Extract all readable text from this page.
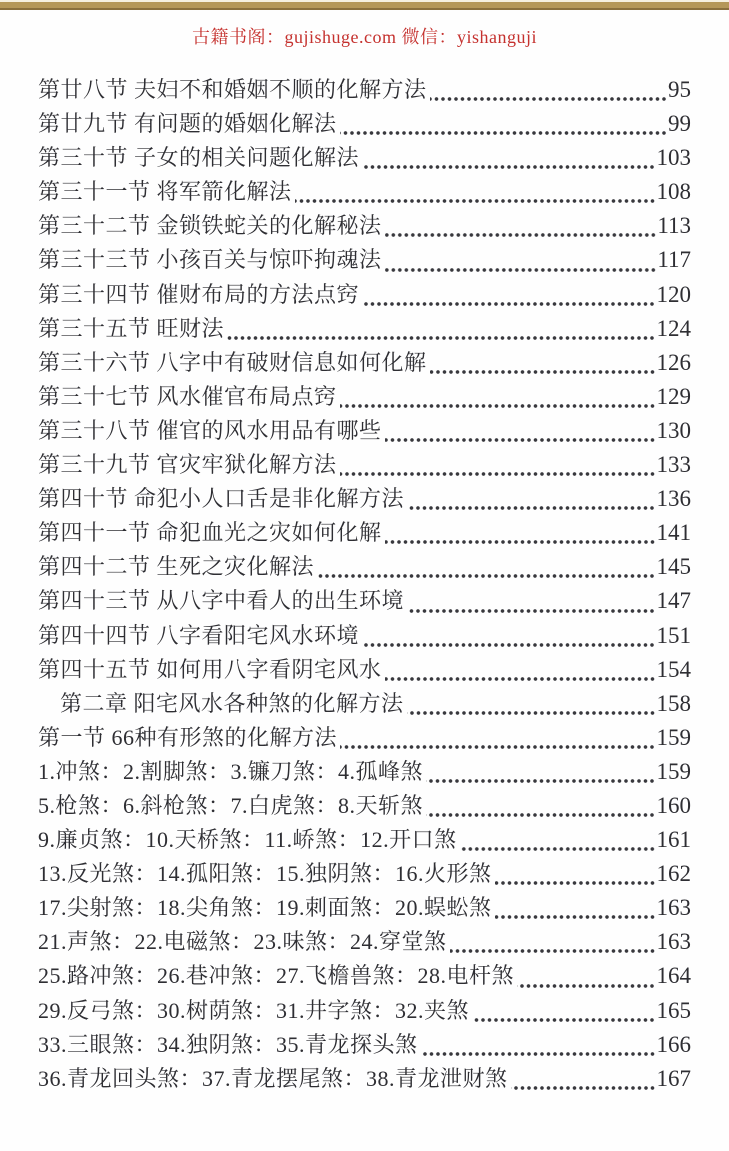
古籍书阁：gujishuge.com 微信：yishanguji
第廿八节 夫妇不和婚姻不顺的化解方法	95
第廿九节 有问题的婚姻化解法	99
第三十节 子女的相关问题化解法	103
第三十一节 将军箭化解法	108
第三十二节 金锁铁蛇关的化解秘法	113
第三十三节 小孩百关与惊吓拘魂法	117
第三十四节 催财布局的方法点窍	120
第三十五节 旺财法	124
第三十六节 八字中有破财信息如何化解	126
第三十七节 风水催官布局点窍	129
第三十八节 催官的风水用品有哪些	130
第三十九节 官灾牢狱化解方法	133
第四十节 命犯小人口舌是非化解方法	136
第四十一节 命犯血光之灾如何化解	141
第四十二节 生死之灾化解法	145
第四十三节 从八字中看人的出生环境	147
第四十四节 八字看阳宅风水环境	151
第四十五节 如何用八字看阴宅风水	154
第二章 阳宅风水各种煞的化解方法	158
第一节 66种有形煞的化解方法	159
1.冲煞：2.割脚煞：3.镰刀煞：4.孤峰煞	159
5.枪煞：6.斜枪煞：7.白虎煞：8.天斩煞	160
9.廉贞煞：10.天桥煞：11.峤煞：12.开口煞	161
13.反光煞：14.孤阳煞：15.独阴煞：16.火形煞	162
17.尖射煞：18.尖角煞：19.刺面煞：20.蜈蚣煞	163
21.声煞：22.电磁煞：23.味煞：24.穿堂煞	163
25.路冲煞：26.巷冲煞：27.飞檐兽煞：28.电杆煞	164
29.反弓煞：30.树荫煞：31.井字煞：32.夹煞	165
33.三眼煞：34.独阴煞：35.青龙探头煞	166
36.青龙回头煞：37.青龙摆尾煞：38.青龙泄财煞	167
